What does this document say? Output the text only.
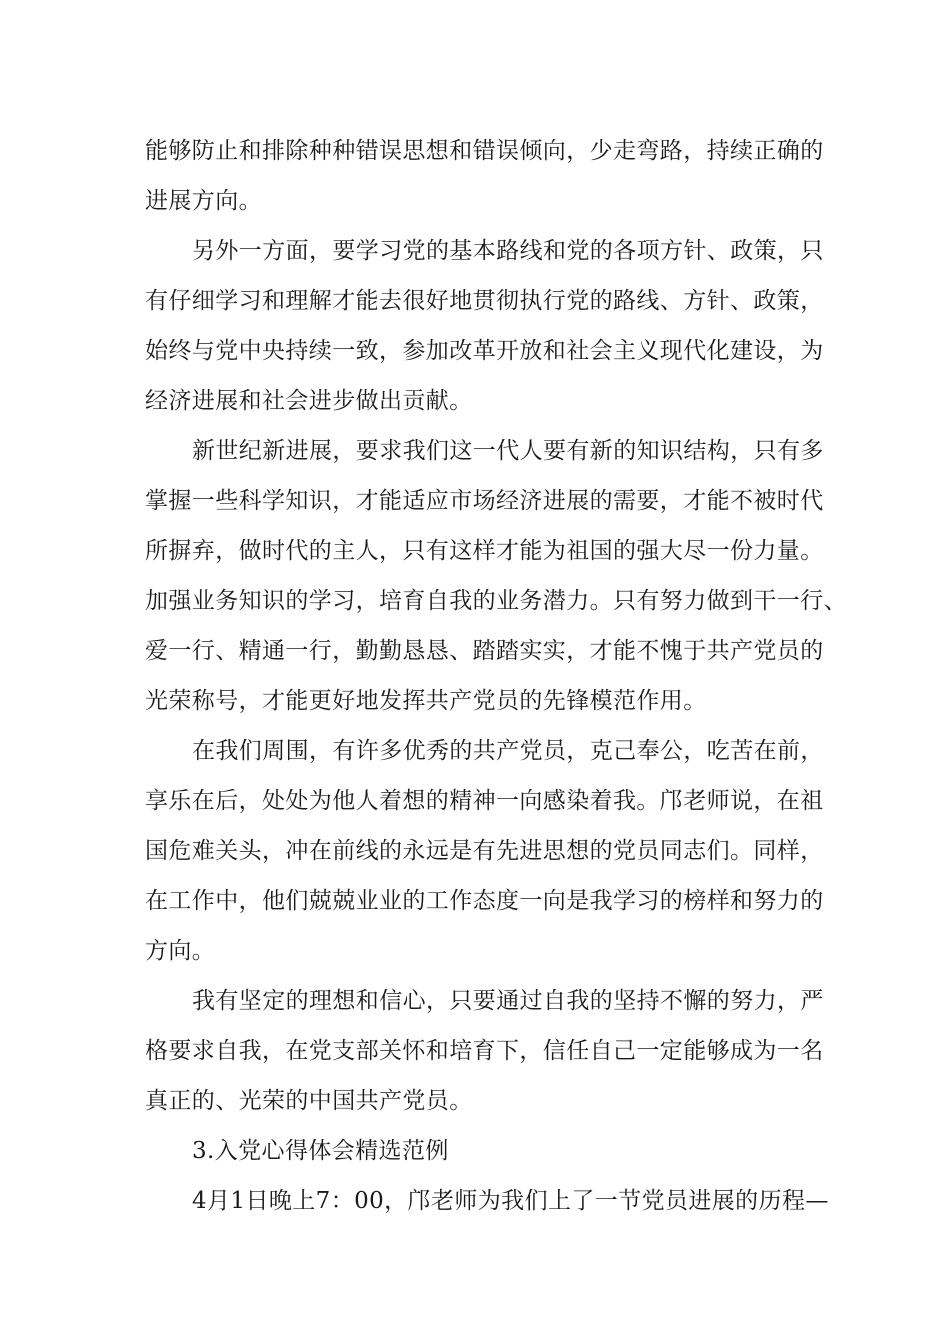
能够防止和排除种种错误思想和错误倾向，少走弯路，持续正确的
进展方向。
另外一方面，要学习党的基本路线和党的各项方针、政策，只
有仔细学习和理解才能去很好地贯彻执行党的路线、方针、政策，
始终与党中央持续一致，参加改革开放和社会主义现代化建设，为
经济进展和社会进步做出贡献。
新世纪新进展，要求我们这一代人要有新的知识结构，只有多
掌握一些科学知识，才能适应市场经济进展的需要，才能不被时代
所摒弃，做时代的主人，只有这样才能为祖国的强大尽一份力量。
加强业务知识的学习，培育自我的业务潜力。只有努力做到干一行、
爱一行、精通一行，勤勤恳恳、踏踏实实，才能不愧于共产党员的
光荣称号，才能更好地发挥共产党员的先锋模范作用。
在我们周围，有许多优秀的共产党员，克己奉公，吃苦在前，
享乐在后，处处为他人着想的精神一向感染着我。邝老师说，在祖
国危难关头，冲在前线的永远是有先进思想的党员同志们。同样，
在工作中，他们兢兢业业的工作态度一向是我学习的榜样和努力的
方向。
我有坚定的理想和信心，只要通过自我的坚持不懈的努力，严
格要求自我，在党支部关怀和培育下，信任自己一定能够成为一名
真正的、光荣的中国共产党员。
3.入党心得体会精选范例
4月1日晚上7：00，邝老师为我们上了一节党员进展的历程—
